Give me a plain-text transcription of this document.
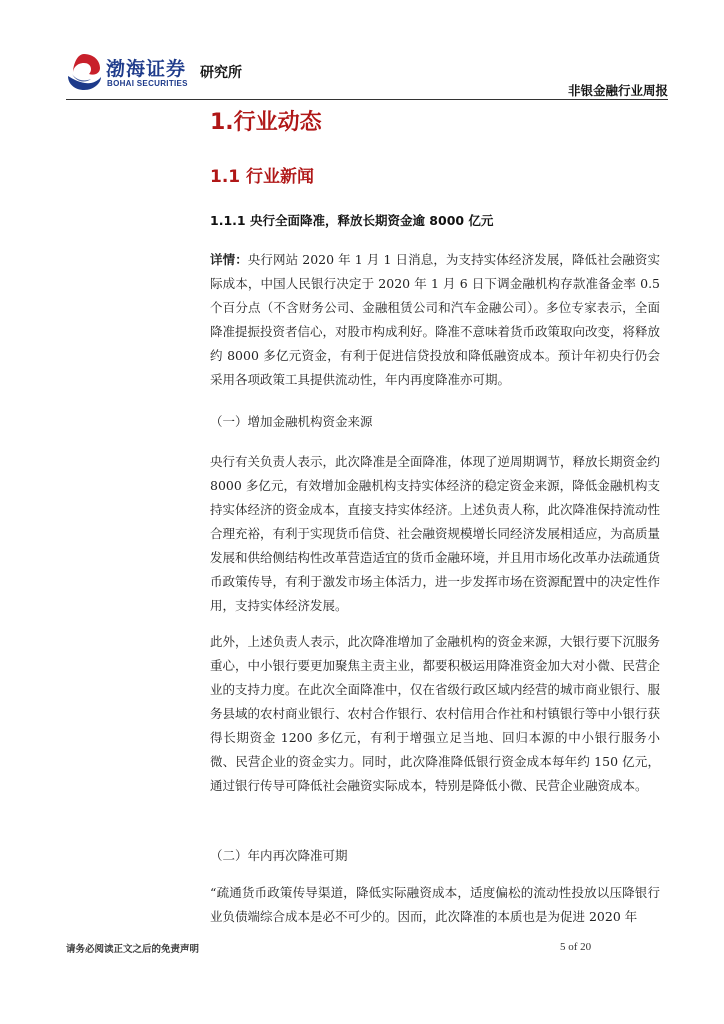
渤海证券
BOHAI SECURITIES
研究所
非银金融行业周报
1.行业动态
1.1 行业新闻
1.1.1 央行全面降准，释放长期资金逾 8000 亿元

详情：央行网站 2020 年 1 月 1 日消息，为支持实体经济发展，降低社会融资实际成本，中国人民银行决定于 2020 年 1 月 6 日下调金融机构存款准备金率 0.5 个百分点（不含财务公司、金融租赁公司和汽车金融公司）。多位专家表示，全面降准提振投资者信心，对股市构成利好。降准不意味着货币政策取向改变，将释放约 8000 多亿元资金，有利于促进信贷投放和降低融资成本。预计年初央行仍会采用各项政策工具提供流动性，年内再度降准亦可期。

（一）增加金融机构资金来源

央行有关负责人表示，此次降准是全面降准，体现了逆周期调节，释放长期资金约 8000 多亿元，有效增加金融机构支持实体经济的稳定资金来源，降低金融机构支持实体经济的资金成本，直接支持实体经济。上述负责人称，此次降准保持流动性合理充裕，有利于实现货币信贷、社会融资规模增长同经济发展相适应，为高质量发展和供给侧结构性改革营造适宜的货币金融环境，并且用市场化改革办法疏通货币政策传导，有利于激发市场主体活力，进一步发挥市场在资源配置中的决定性作用，支持实体经济发展。

此外，上述负责人表示，此次降准增加了金融机构的资金来源，大银行要下沉服务重心，中小银行要更加聚焦主责主业，都要积极运用降准资金加大对小微、民营企业的支持力度。在此次全面降准中，仅在省级行政区域内经营的城市商业银行、服务县域的农村商业银行、农村合作银行、农村信用合作社和村镇银行等中小银行获得长期资金 1200 多亿元，有利于增强立足当地、回归本源的中小银行服务小微、民营企业的资金实力。同时，此次降准降低银行资金成本每年约 150 亿元，通过银行传导可降低社会融资实际成本，特别是降低小微、民营企业融资成本。

（二）年内再次降准可期

“疏通货币政策传导渠道，降低实际融资成本，适度偏松的流动性投放以压降银行业负债端综合成本是必不可少的。因而，此次降准的本质也是为促进 2020 年

请务必阅读正文之后的免责声明	5 of 20
